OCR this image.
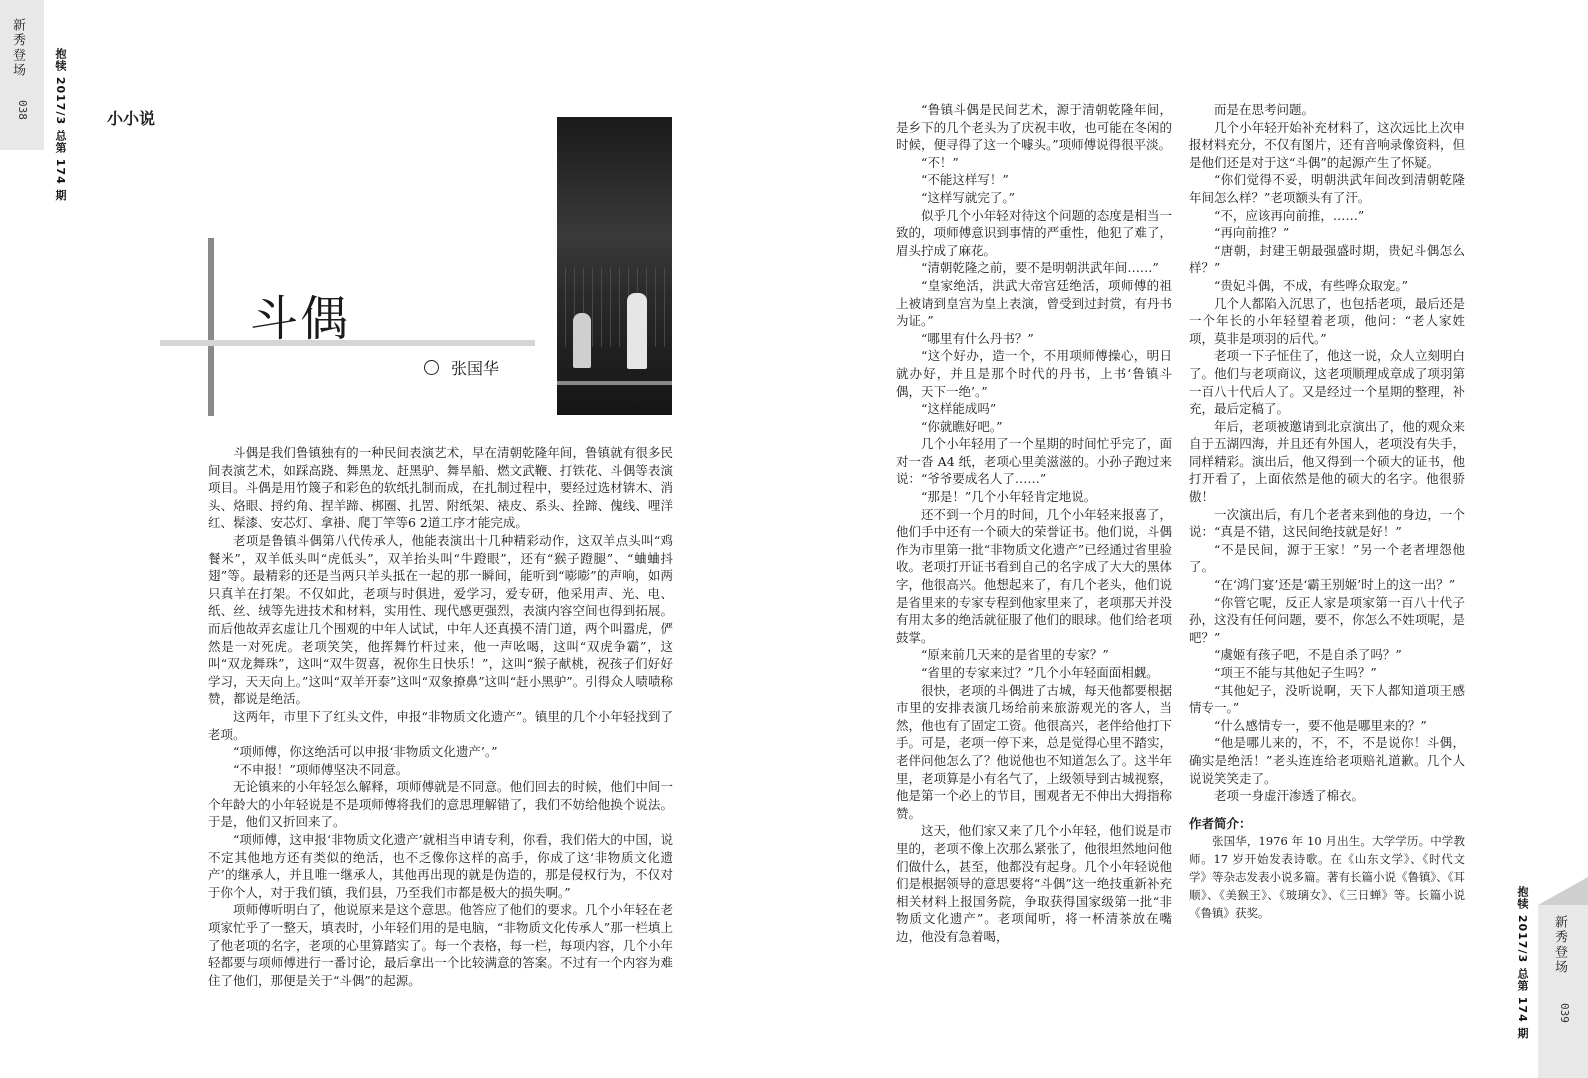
新秀登场
038 抱犊 2017/3 总第 174 期	小小说
斗偶
张国华

斗偶是我们鲁镇独有的一种民间表演艺术，早在清朝乾隆年间，鲁镇就有很多民间表演艺术，如踩高跷、舞黑龙、赶黑驴、舞旱船、燃文武鞭、打铁花、斗偶等表演项目。斗偶是用竹篾子和彩色的软纸扎制而成，在扎制过程中，要经过选材锛木、消头、烙眼、捋约角、捏羊蹄、梆圈、扎罟、附纸架、裱皮、系头、拴蹄、傀线、哩洋红、髹漆、安芯灯、拿褂、爬丁竿等6 2道工序才能完成。

老项是鲁镇斗偶第八代传承人，他能表演出十几种精彩动作，这双羊点头叫“鸡餐米”，双羊低头叫“虎低头”，双羊抬头叫“牛蹬眼”，还有“猴子蹬腿”、“蛐蛐抖翅”等。最精彩的还是当两只羊头抵在一起的那一瞬间，能听到“嘭嘭”的声响，如两只真羊在打架。不仅如此，老项与时俱进，爱学习，爱专研，他采用声、光、电、纸、丝、绒等先进技术和材料，实用性、现代感更强烈，表演内容空间也得到拓展。而后他故弄玄虚让几个围观的中年人试试，中年人还真摸不清门道，两个叫嚣虎，俨然是一对死虎。老项笑笑，他挥舞竹杆过来，他一声吆喝，这叫“双虎争霸”，这叫“双龙舞珠”，这叫“双牛贺喜，祝你生日快乐！”，这叫“猴子献桃，祝孩子们好好学习，天天向上。”这叫“双羊开泰”这叫“双象撩鼻”这叫“赶小黑驴”。引得众人啧啧称赞，都说是绝活。

这两年，市里下了红头文件，申报“非物质文化遗产”。镇里的几个小年轻找到了老项。

“项师傅，你这绝活可以申报‘非物质文化遗产’。”

“不申报！”项师傅坚决不同意。

无论镇来的小年轻怎么解释，项师傅就是不同意。他们回去的时候，他们中间一个年龄大的小年轻说是不是项师傅将我们的意思理解错了，我们不妨给他换个说法。于是，他们又折回来了。

“项师傅，这申报‘非物质文化遗产’就相当申请专利，你看，我们偌大的中国，说不定其他地方还有类似的绝活，也不乏像你这样的高手，你成了这‘非物质文化遗产’的继承人，并且唯一继承人，其他再出现的就是伪造的，那是侵权行为，不仅对于你个人，对于我们镇，我们县，乃至我们市都是极大的损失啊。”

项师傅听明白了，他说原来是这个意思。他答应了他们的要求。几个小年轻在老项家忙乎了一整天，填表时，小年轻们用的是电脑，“非物质文化传承人”那一栏填上了他老项的名字，老项的心里算踏实了。每一个表格，每一栏，每项内容，几个小年轻都要与项师傅进行一番讨论，最后拿出一个比较满意的答案。不过有一个内容为难住了他们，那便是关于“斗偶”的起源。

“鲁镇斗偶是民间艺术，源于清朝乾隆年间，是乡下的几个老头为了庆祝丰收，也可能在冬闲的时候，便寻得了这一个噱头。”项师傅说得很平淡。

“不！”

“不能这样写！”

“这样写就完了。”

似乎几个小年轻对待这个问题的态度是相当一致的，项师傅意识到事情的严重性，他犯了难了，眉头拧成了麻花。

“清朝乾隆之前，要不是明朝洪武年间……”

“皇家绝活，洪武大帝宫廷绝活，项师傅的祖上被请到皇宫为皇上表演，曾受到过封赏，有丹书为证。”

“哪里有什么丹书？”

“这个好办，造一个，不用项师傅操心，明日就办好，并且是那个时代的丹书，上书‘鲁镇斗偶，天下一绝’。”

“这样能成吗”

“你就瞧好吧。”

几个小年轻用了一个星期的时间忙乎完了，面对一沓 A4 纸，老项心里美滋滋的。小孙子跑过来说：“爷爷要成名人了……”

“那是！”几个小年轻肯定地说。

还不到一个月的时间，几个小年轻来报喜了，他们手中还有一个硕大的荣誉证书。他们说，斗偶作为市里第一批“非物质文化遗产”已经通过省里验收。老项打开证书看到自己的名字成了大大的黑体字，他很高兴。他想起来了，有几个老头，他们说是省里来的专家专程到他家里来了，老项那天并没有用太多的绝活就征服了他们的眼球。他们给老项鼓掌。

“原来前几天来的是省里的专家？”

“省里的专家来过？”几个小年轻面面相觑。

很快，老项的斗偶进了古城，每天他都要根据市里的安排表演几场给前来旅游观光的客人，当然，他也有了固定工资。他很高兴，老伴给他打下手。可是，老项一停下来，总是觉得心里不踏实，老伴问他怎么了？他说他也不知道怎么了。这半年里，老项算是小有名气了，上级领导到古城视察，他是第一个必上的节目，围观者无不伸出大拇指称赞。

这天，他们家又来了几个小年轻，他们说是市里的，老项不像上次那么紧张了，他很坦然地问他们做什么，甚至，他都没有起身。几个小年轻说他们是根据领导的意思要将“斗偶”这一绝技重新补充相关材料上报国务院，争取获得国家级第一批“非物质文化遗产”。老项闻听，将一杯清茶放在嘴边，他没有急着喝，

而是在思考问题。

几个小年轻开始补充材料了，这次远比上次申报材料充分，不仅有图片，还有音响录像资料，但是他们还是对于这“斗偶”的起源产生了怀疑。

“你们觉得不妥，明朝洪武年间改到清朝乾隆年间怎么样？”老项额头有了汗。

“不，应该再向前推，……”

“再向前推？”

“唐朝，封建王朝最强盛时期，贵妃斗偶怎么样？”

“贵妃斗偶，不成，有些哗众取宠。”

几个人都陷入沉思了，也包括老项，最后还是一个年长的小年轻望着老项，他问：“老人家姓项，莫非是项羽的后代。”

老项一下子怔住了，他这一说，众人立刻明白了。他们与老项商议，这老项顺理成章成了项羽第一百八十代后人了。又是经过一个星期的整理，补充，最后定稿了。

年后，老项被邀请到北京演出了，他的观众来自于五湖四海，并且还有外国人，老项没有失手，同样精彩。演出后，他又得到一个硕大的证书，他打开看了，上面依然是他的硕大的名字。他很骄傲！

一次演出后，有几个老者来到他的身边，一个说：“真是不错，这民间绝技就是好！”

“不是民间，源于王家！”另一个老者埋怨他了。

“在‘鸿门宴’还是‘霸王别姬’时上的这一出？”

“你管它呢，反正人家是项家第一百八十代子孙，这没有任何问题，要不，你怎么不姓项呢，是吧？”

“虞姬有孩子吧，不是自杀了吗？”

“项王不能与其他妃子生吗？”

“其他妃子，没听说啊，天下人都知道项王感情专一。”

“什么感情专一，要不他是哪里来的？”

“他是哪儿来的，不，不，不是说你！斗偶，确实是绝活！”老头连连给老项赔礼道歉。几个人说说笑笑走了。

老项一身虚汗渗透了棉衣。

作者简介：

张国华，1976 年 10 月出生。大学学历。中学教师。17 岁开始发表诗歌。在《山东文学》、《时代文学》等杂志发表小说多篇。著有长篇小说《鲁镇》、《耳顺》、《美猴王》、《玻璃女》、《三日蝉》等。长篇小说《鲁镇》获奖。	抱犊 2017/3 总第 174 期 新秀登场
039
